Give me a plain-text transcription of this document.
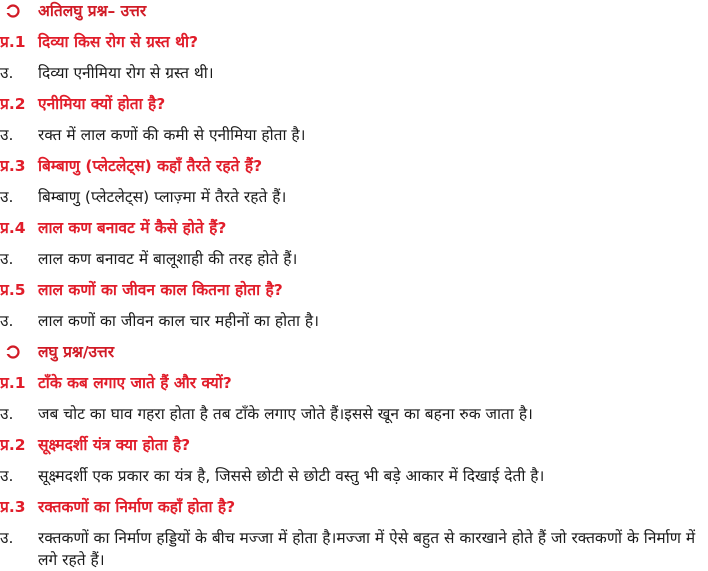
अतिलघु प्रश्न– उत्तर
प्र.1 दिव्या किस रोग से ग्रस्त थी?
उ.	दिव्या एनीमिया रोग से ग्रस्त थी।
प्र.2 एनीमिया क्यों होता है?
उ.	रक्त में लाल कणों की कमी से एनीमिया होता है।
प्र.3 बिम्बाणु (प्लेटलेट्स) कहाँ तैरते रहते हैं?
उ.	बिम्बाणु (प्लेटलेट्स) प्लाज़्मा में तैरते रहते हैं।
प्र.4 लाल कण बनावट में कैसे होते हैं?
उ.	लाल कण बनावट में बालूशाही की तरह होते हैं।
प्र.5 लाल कणों का जीवन काल कितना होता है?
उ.	लाल कणों का जीवन काल चार महीनों का होता है।
लघु प्रश्न/उत्तर
प्र.1 टाँके कब लगाए जाते हैं और क्यों?
उ.	जब चोट का घाव गहरा होता है तब टाँके लगाए जोते हैं।इससे खून का बहना रुक जाता है।
प्र.2 सूक्ष्मदर्शी यंत्र क्या होता है?
उ.	सूक्ष्मदर्शी एक प्रकार का यंत्र है, जिससे छोटी से छोटी वस्तु भी बड़े आकार में दिखाई देती है।
प्र.3 रक्तकणों का निर्माण कहाँ होता है?
उ.	रक्तकणों का निर्माण हड्डियों के बीच मज्जा में होता है।मज्जा में ऐसे बहुत से कारखाने होते हैं जो रक्तकणों के निर्माण में
लगे रहते हैं।
